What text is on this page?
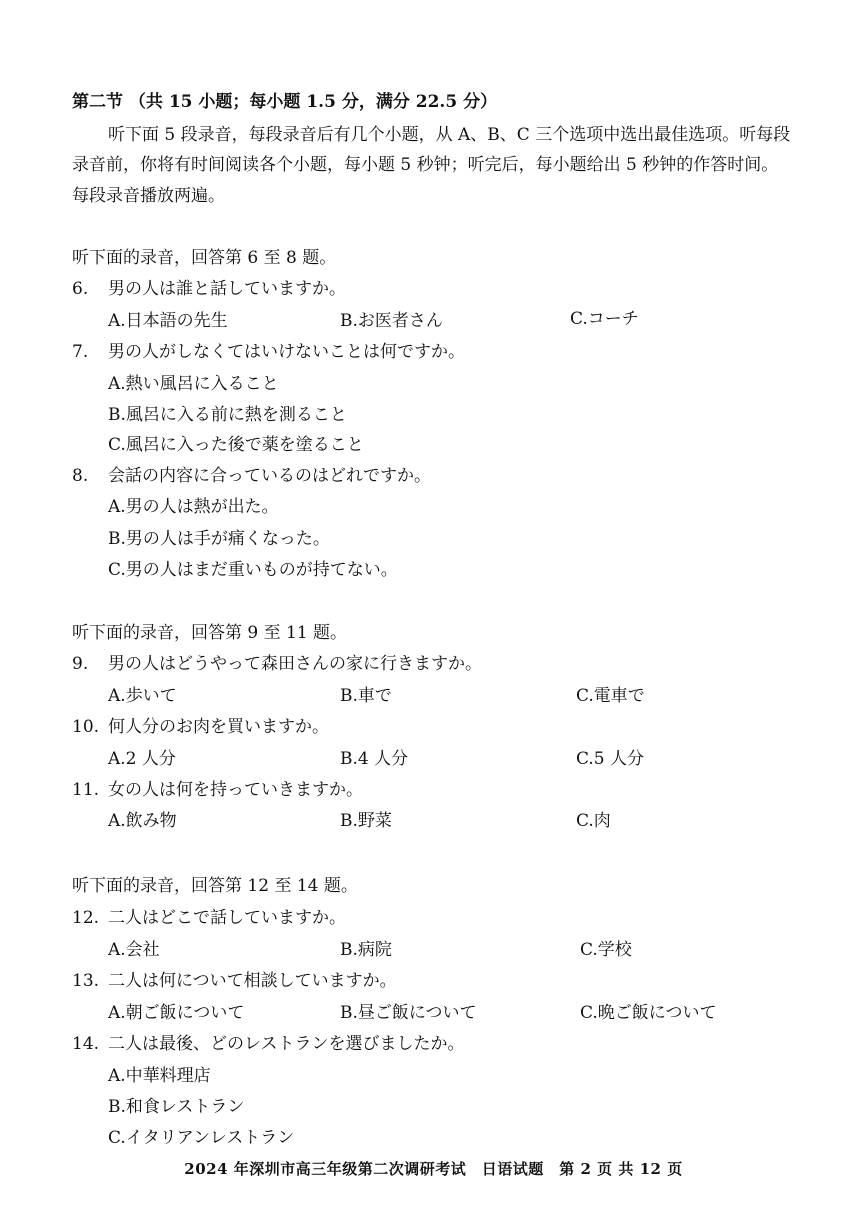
第二节 （共 15 小题；每小题 1.5 分，满分 22.5 分）
听下面 5 段录音，每段录音后有几个小题，从 A、B、C 三个选项中选出最佳选项。听每段
录音前，你将有时间阅读各个小题，每小题 5 秒钟；听完后，每小题给出 5 秒钟的作答时间。
每段录音播放两遍。
听下面的录音，回答第 6 至 8 题。
6. 男の人は誰と話していますか。
A.日本語の先生	B.お医者さん	C.コーチ
7. 男の人がしなくてはいけないことは何ですか。
A.熱い風呂に入ること
B.風呂に入る前に熱を測ること
C.風呂に入った後で薬を塗ること
8. 会話の内容に合っているのはどれですか。
A.男の人は熱が出た。
B.男の人は手が痛くなった。
C.男の人はまだ重いものが持てない。
听下面的录音，回答第 9 至 11 题。
9. 男の人はどうやって森田さんの家に行きますか。
A.歩いて	B.車で	C.電車で
10. 何人分のお肉を買いますか。
A.2 人分	B.4 人分	C.5 人分
11. 女の人は何を持っていきますか。
A.飲み物	B.野菜	C.肉
听下面的录音，回答第 12 至 14 题。
12. 二人はどこで話していますか。
A.会社	B.病院	C.学校
13. 二人は何について相談していますか。
A.朝ご飯について	B.昼ご飯について	C.晩ご飯について
14. 二人は最後、どのレストランを選びましたか。
A.中華料理店
B.和食レストラン
C.イタリアンレストラン
2024 年深圳市高三年级第二次调研考试　日语试题　第 2 页 共 12 页
